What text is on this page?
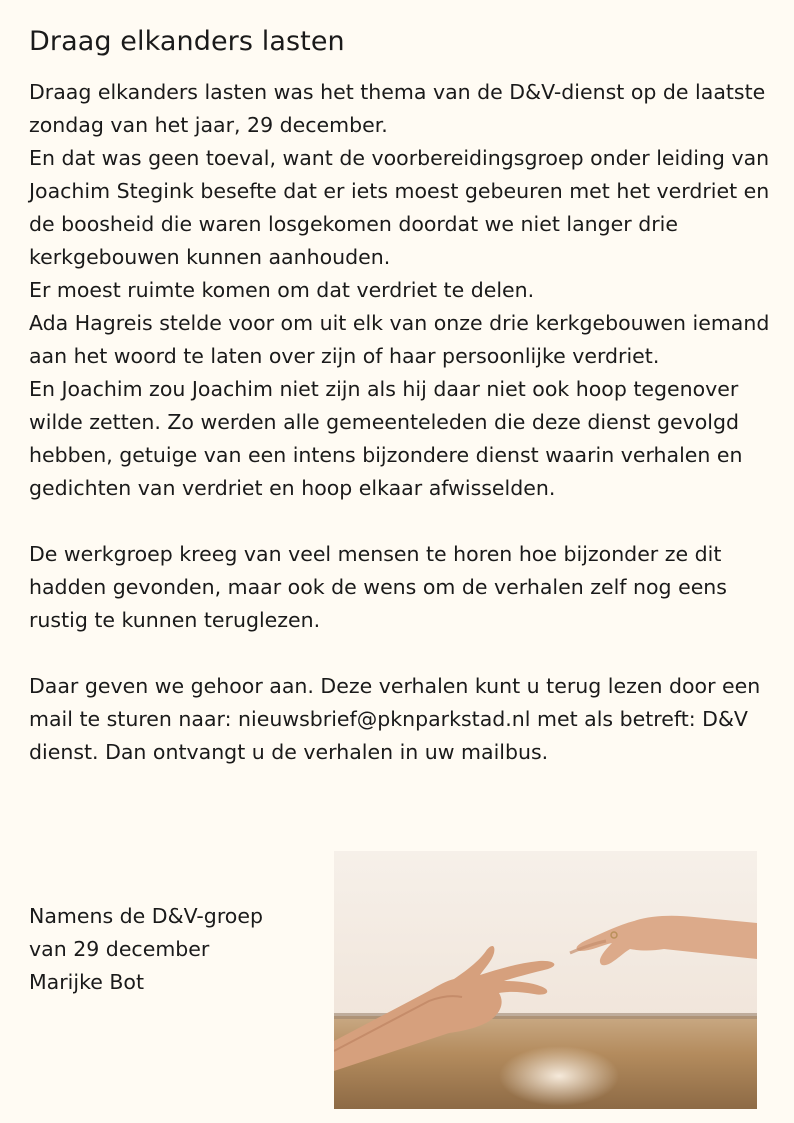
Draag elkanders lasten

Draag elkanders lasten was het thema van de D&V-dienst op de laatste zondag van het jaar, 29 december.

En dat was geen toeval, want de voorbereidingsgroep onder leiding van Joachim Stegink besefte dat er iets moest gebeuren met het verdriet en de boosheid die waren losgekomen doordat we niet langer drie kerkgebouwen kunnen aanhouden.

Er moest ruimte komen om dat verdriet te delen.

Ada Hagreis stelde voor om uit elk van onze drie kerkgebouwen iemand aan het woord te laten over zijn of haar persoonlijke verdriet.

En Joachim zou Joachim niet zijn als hij daar niet ook hoop tegenover wilde zetten. Zo werden alle gemeenteleden die deze dienst gevolgd hebben, getuige van een intens bijzondere dienst waarin verhalen en gedichten van verdriet en hoop elkaar afwisselden.

De werkgroep kreeg van veel mensen te horen hoe bijzonder ze dit hadden gevonden, maar ook de wens om de verhalen zelf nog eens rustig te kunnen teruglezen.

Daar geven we gehoor aan. Deze verhalen kunt u terug lezen door een mail te sturen naar: nieuwsbrief@pknparkstad.nl met als betreft: D&V dienst. Dan ontvangt u de verhalen in uw mailbus.

Namens de D&V-groep

van 29 december

Marijke Bot
